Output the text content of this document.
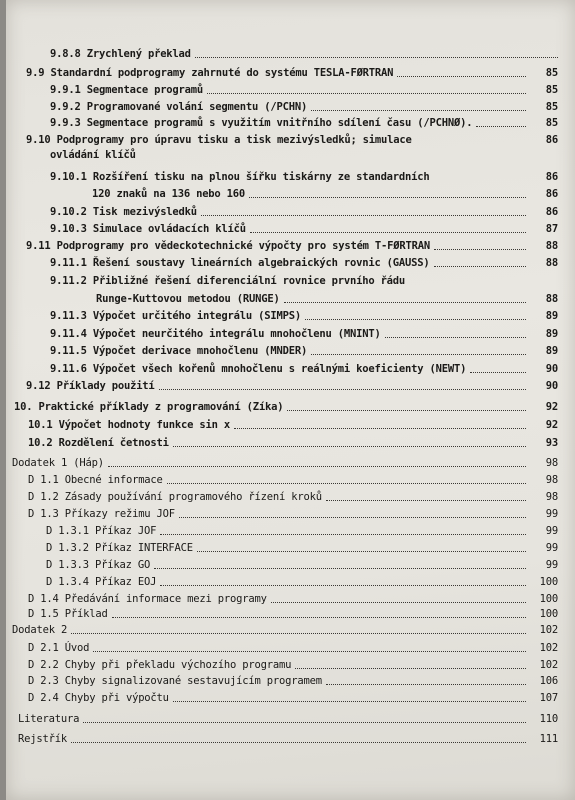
9.8.8 Zrychlený překlad
9.9 Standardní podprogramy zahrnuté do systému TESLA-FØRTRAN	85
9.9.1 Segmentace programů	85
9.9.2 Programované volání segmentu (/PCHN)	85
9.9.3 Segmentace programů s využitím vnitřního sdílení času (/PCHNØ).	85
9.10 Podprogramy pro úpravu tisku a tisk mezivýsledků; simulace	86
ovládání klíčů
9.10.1 Rozšíření tisku na plnou šířku tiskárny ze standardních	86
120 znaků na 136 nebo 160	86
9.10.2 Tisk mezivýsledků	86
9.10.3 Simulace ovládacích klíčů	87
9.11 Podprogramy pro vědeckotechnické výpočty pro systém T-FØRTRAN	88
9.11.1 Řešení soustavy lineárních algebraických rovnic (GAUSS)	88
9.11.2 Přibližné řešení diferenciální rovnice prvního řádu
Runge-Kuttovou metodou (RUNGE)	88
9.11.3 Výpočet určitého integrálu (SIMPS)	89
9.11.4 Výpočet neurčitého integrálu mnohočlenu (MNINT)	89
9.11.5 Výpočet derivace mnohočlenu (MNDER)	89
9.11.6 Výpočet všech kořenů mnohočlenu s reálnými koeficienty (NEWT)	90
9.12 Příklady použití	90
10. Praktické příklady z programování (Zíka)	92
10.1 Výpočet hodnoty funkce sin x	92
10.2 Rozdělení četnosti	93
Dodatek 1 (Háp)	98
D 1.1 Obecné informace	98
D 1.2 Zásady používání programového řízení kroků	98
D 1.3 Příkazy režimu JOF	99
D 1.3.1 Příkaz JOF	99
D 1.3.2 Příkaz INTERFACE	99
D 1.3.3 Příkaz GO	99
D 1.3.4 Příkaz EOJ	100
D 1.4 Předávání informace mezi programy	100
D 1.5 Příklad	100
Dodatek 2	102
D 2.1 Úvod	102
D 2.2 Chyby při překladu výchozího programu	102
D 2.3 Chyby signalizované sestavujícím programem	106
D 2.4 Chyby při výpočtu	107
Literatura	110
Rejstřík	111
